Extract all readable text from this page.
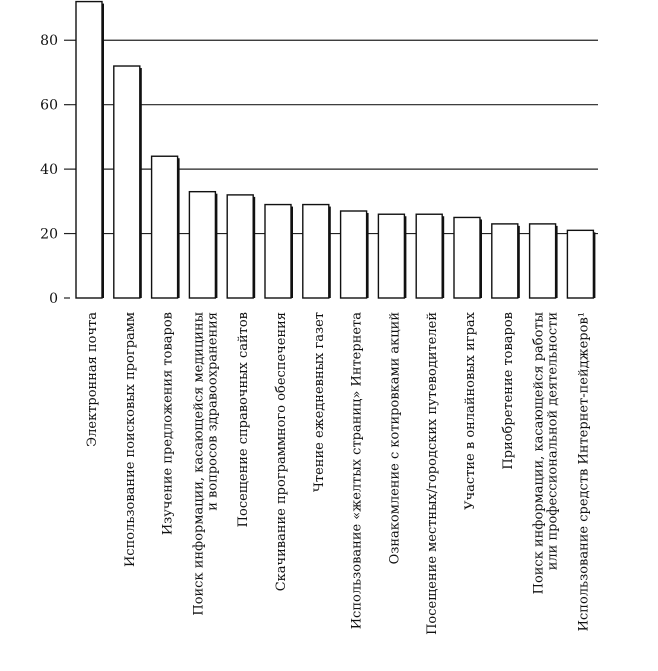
0
20
40
60
80
Электронная почта Использование поисковых программ Изучение предложения товаров Поиск информации, касающейся медицины и вопросов здравоохранения Посещение справочных сайтов Скачивание программного обеспечения Чтение ежедневных газет Использование «желтых страниц» Интернета Ознакомление с котировками акций Посещение местных/городских путеводителей Участие в онлайновых играх Приобретение товаров Поиск информации, касающейся работы или профессиональной деятельности Использование средств Интернет-пейджеров¹
